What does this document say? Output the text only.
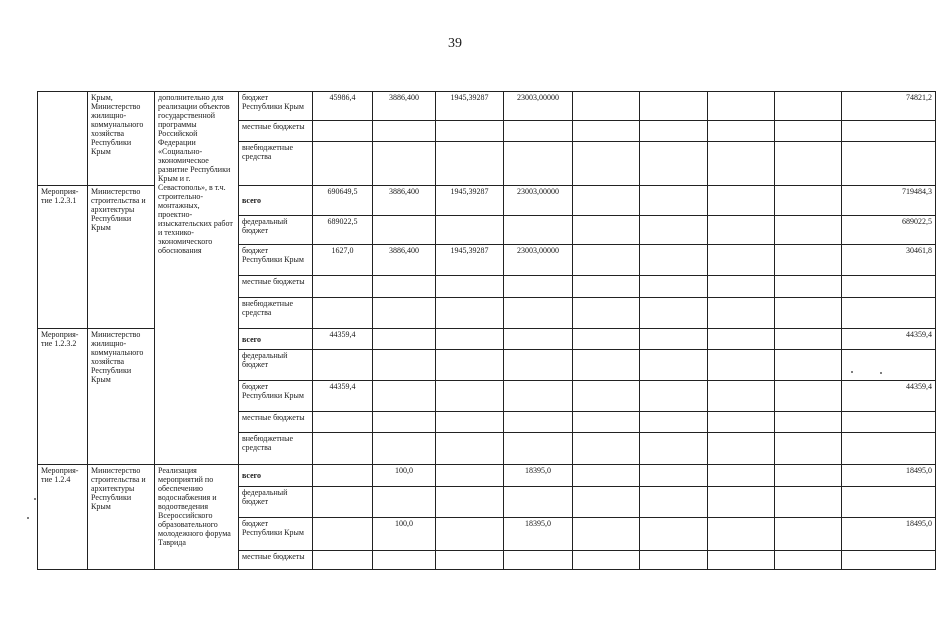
39
	Крым, Министерство жилищно-коммунального хозяйства Республики Крым	дополнительно для реализации объектов государственной программы Российской Федерации «Социально-экономическое развитие Республики Крым и г. Севастополь», в т.ч. строительно-монтажных, проектно-изыскательских работ и технико-экономического обоснования	бюджет Республики Крым	45986,4	3886,400	1945,39287	23003,00000					74821,2
			местные бюджеты									
			внебюджетные средства									
Мероприя-тие 1.2.3.1	Министерство строительства и архитектуры Республики Крым		всего	690649,5	3886,400	1945,39287	23003,00000					719484,3
			федеральный бюджет	689022,5								689022,5
			бюджет Республики Крым	1627,0	3886,400	1945,39287	23003,00000					30461,8
			местные бюджеты									
			внебюджетные средства									
Мероприя-тие 1.2.3.2	Министерство жилищно-коммунального хозяйства Республики Крым		всего	44359,4								44359,4
			федеральный бюджет									
			бюджет Республики Крым	44359,4								44359,4
			местные бюджеты									
			внебюджетные средства									
Мероприя-тие 1.2.4	Министерство строительства и архитектуры Республики Крым	Реализация мероприятий по обеспечению водоснабжения и водоотведения Всероссийского образовательного молодежного форума Таврида	всего		100,0		18395,0					18495,0
			федеральный бюджет									
			бюджет Республики Крым		100,0		18395,0					18495,0
			местные бюджеты									
